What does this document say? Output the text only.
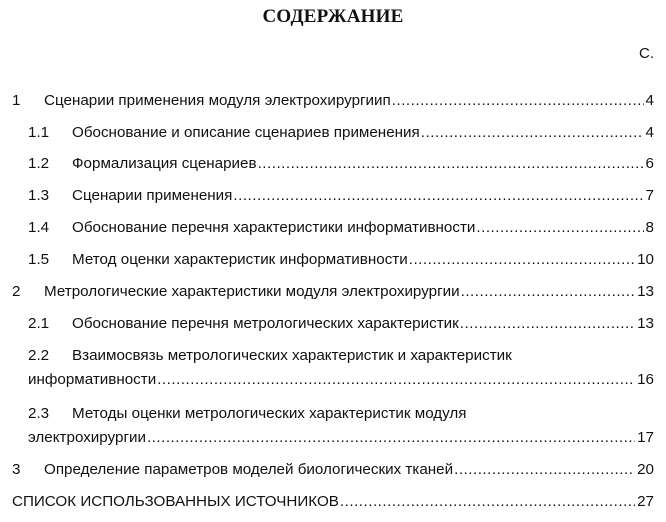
СОДЕРЖАНИЕ
С.
1 Сценарии применения модуля электрохирургиип .....	4
1.1 Обоснование и описание сценариев применения .....	4
1.2 Формализация сценариев .....	6
1.3 Сценарии применения .....	7
1.4 Обоснование перечня характеристики информативности .....	8
1.5 Метод оценки характеристик информативности .....	10
2 Метрологические характеристики модуля электрохирургии .....	13
2.1 Обоснование перечня метрологических характеристик .....	13
2.2 Взаимосвязь метрологических характеристик и характеристик
информативности .....	16
2.3 Методы оценки метрологических характеристик модуля
электрохирургии .....	17
3 Определение параметров моделей биологических тканей .....	20
СПИСОК ИСПОЛЬЗОВАННЫХ ИСТОЧНИКОВ .....	27
